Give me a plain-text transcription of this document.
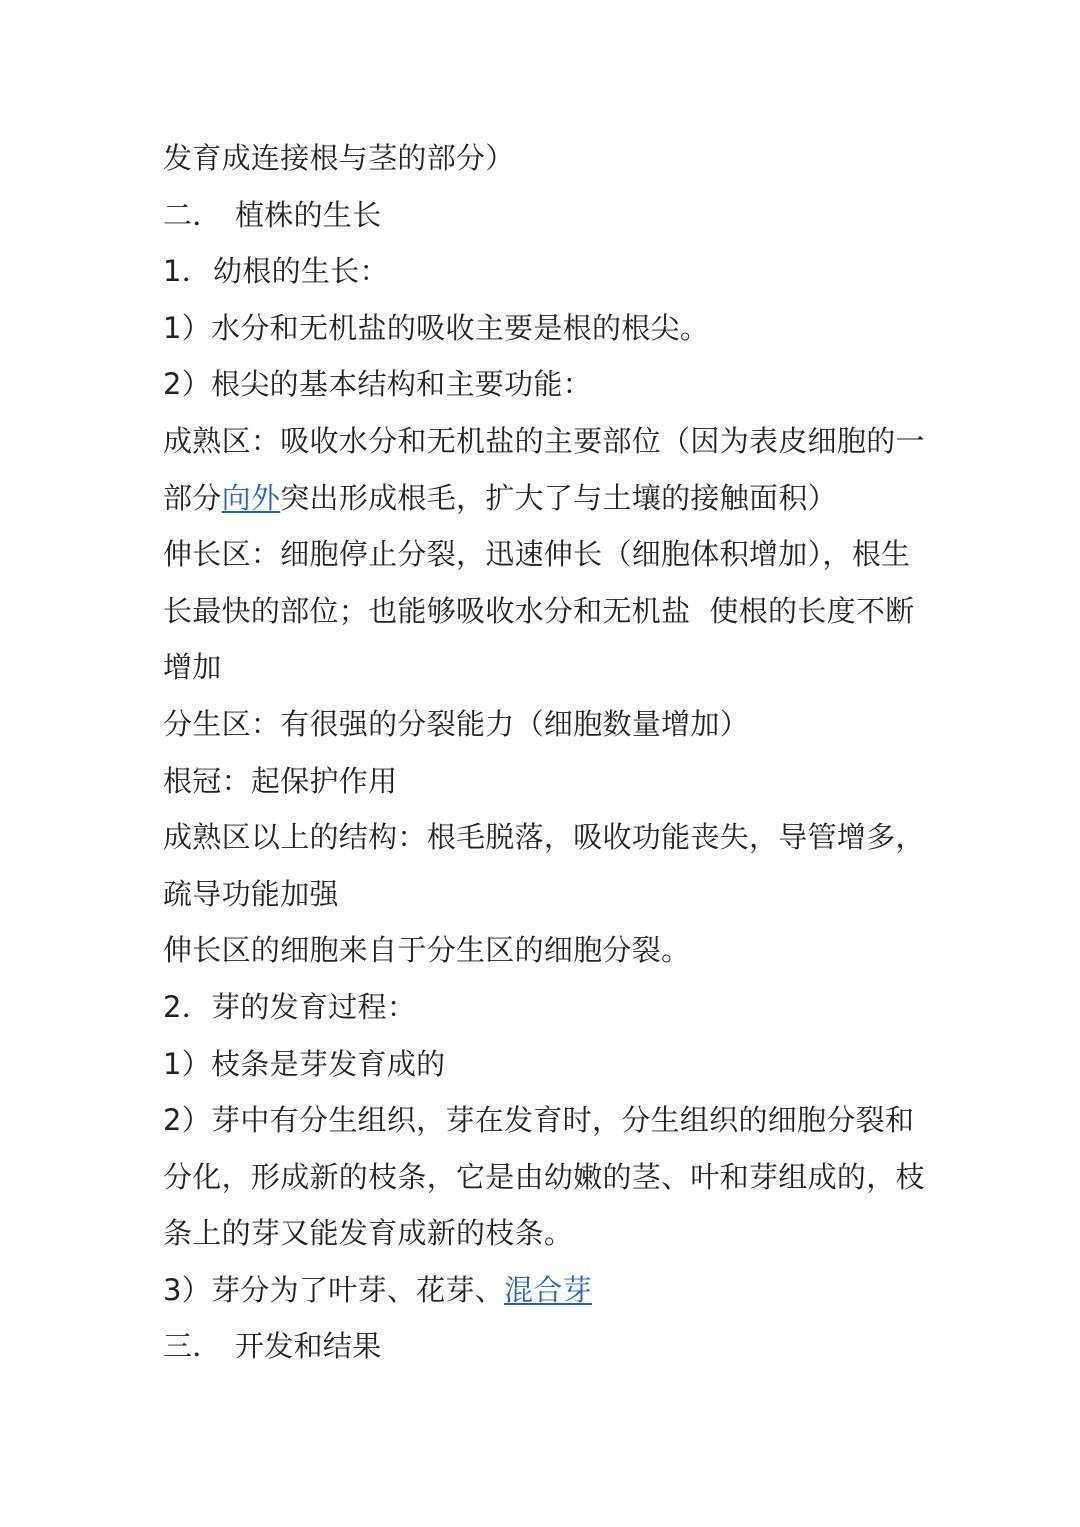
发育成连接根与茎的部分）
二． 植株的生长
1．幼根的生长：
1）水分和无机盐的吸收主要是根的根尖。
2）根尖的基本结构和主要功能：
成熟区：吸收水分和无机盐的主要部位（因为表皮细胞的一
部分向外突出形成根毛，扩大了与土壤的接触面积）
伸长区：细胞停止分裂，迅速伸长（细胞体积增加），根生
长最快的部位；也能够吸收水分和无机盐  使根的长度不断
增加
分生区：有很强的分裂能力（细胞数量增加）
根冠：起保护作用
成熟区以上的结构：根毛脱落，吸收功能丧失，导管增多，
疏导功能加强
伸长区的细胞来自于分生区的细胞分裂。
2．芽的发育过程：
1）枝条是芽发育成的
2）芽中有分生组织，芽在发育时，分生组织的细胞分裂和
分化，形成新的枝条，它是由幼嫩的茎、叶和芽组成的，枝
条上的芽又能发育成新的枝条。
3）芽分为了叶芽、花芽、混合芽
三． 开发和结果
